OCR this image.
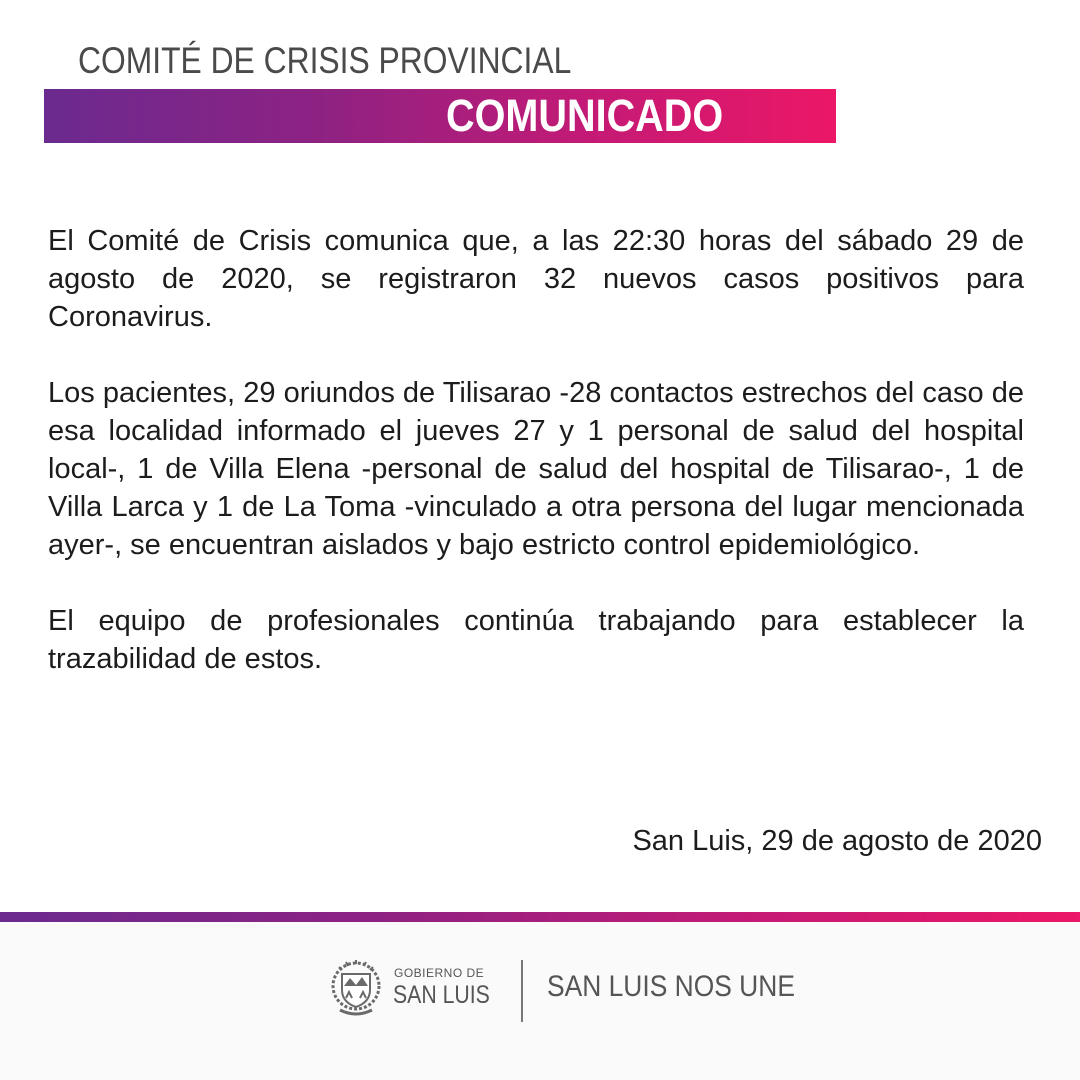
COMITÉ DE CRISIS PROVINCIAL
COMUNICADO

El Comité de Crisis comunica que, a las 22:30 horas del sábado 29 de agosto de 2020, se registraron 32 nuevos casos positivos para Coronavirus.

Los pacientes, 29 oriundos de Tilisarao -28 contactos estrechos del caso de esa localidad informado el jueves 27 y 1 personal de salud del hospital local-, 1 de Villa Elena -personal de salud del hospital de Tilisarao-, 1 de Villa Larca y 1 de La Toma -vinculado a otra persona del lugar mencionada ayer-, se encuentran aislados y bajo estricto control epidemiológico.

El equipo de profesionales continúa trabajando para establecer la trazabilidad de estos.

San Luis, 29 de agosto de 2020
GOBIERNO DE
SAN LUIS SAN LUIS NOS UNE
